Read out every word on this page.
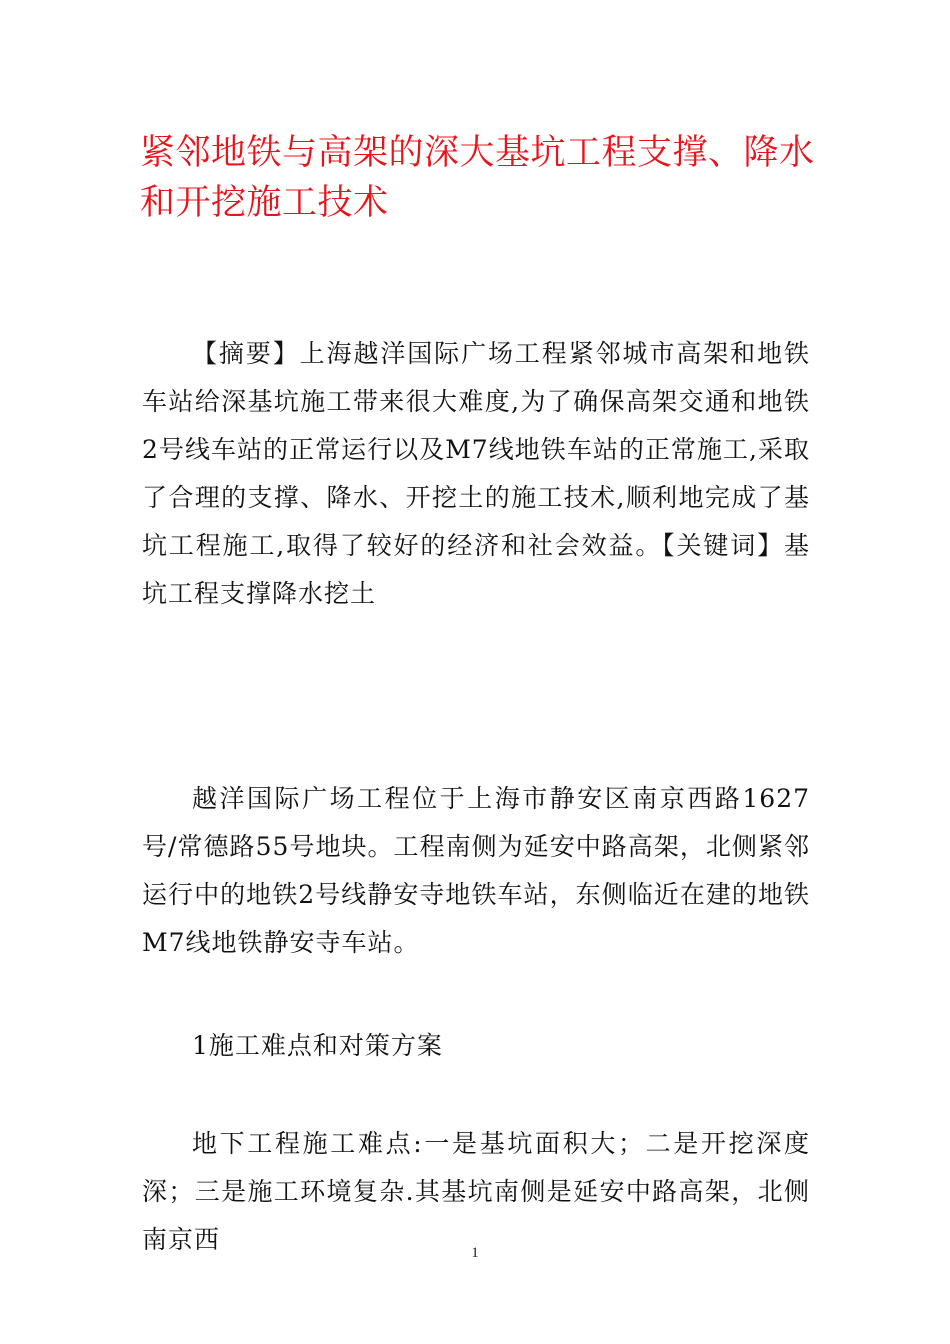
紧邻地铁与高架的深大基坑工程支撑、降水和开挖施工技术

【摘要】上海越洋国际广场工程紧邻城市高架和地铁车站给深基坑施工带来很大难度,为了确保高架交通和地铁2号线车站的正常运行以及M7线地铁车站的正常施工,采取了合理的支撑、降水、开挖土的施工技术,顺利地完成了基坑工程施工,取得了较好的经济和社会效益。【关键词】基坑工程支撑降水挖土

越洋国际广场工程位于上海市静安区南京西路1627号/常德路55号地块。工程南侧为延安中路高架，北侧紧邻运行中的地铁2号线静安寺地铁车站，东侧临近在建的地铁M7线地铁静安寺车站。

1施工难点和对策方案

地下工程施工难点:一是基坑面积大；二是开挖深度深；三是施工环境复杂.其基坑南侧是延安中路高架，北侧南京西	1
